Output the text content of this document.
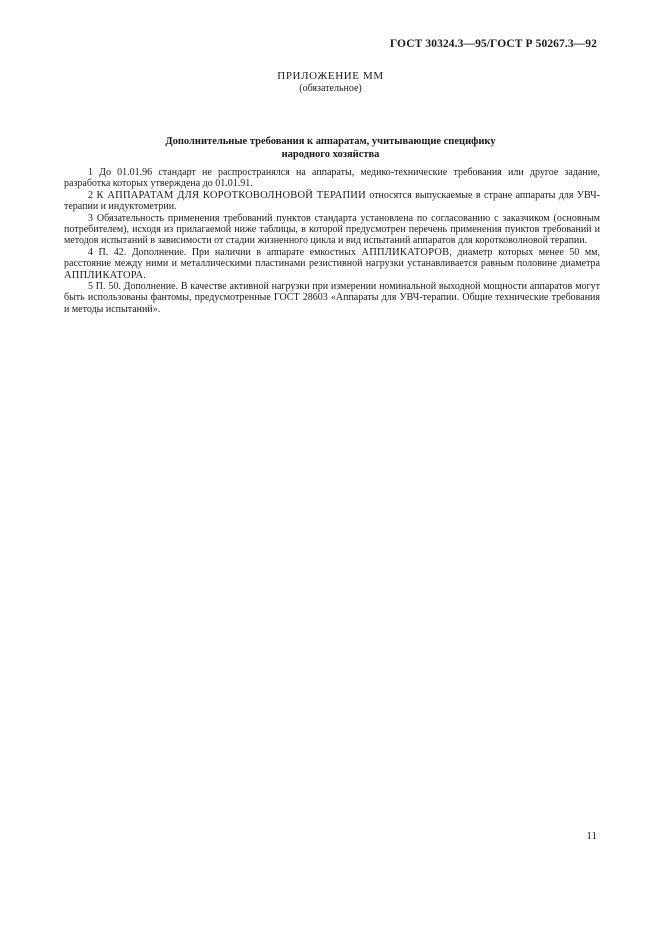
ГОСТ 30324.3—95/ГОСТ Р 50267.3—92
ПРИЛОЖЕНИЕ ММ
(обязательное)
Дополнительные требования к аппаратам, учитывающие специфику
народного хозяйства

1 До 01.01.96 стандарт не распространялся на аппараты, медико-технические требования или другое задание, разработка которых утверждена до 01.01.91.

2 К АППАРАТАМ ДЛЯ КОРОТКОВОЛНОВОЙ ТЕРАПИИ относятся выпускаемые в стране аппараты для УВЧ-терапии и индуктометрии.

3 Обязательность применения требований пунктов стандарта установлена по согласованию с заказчиком (основным потребителем), исходя из прилагаемой ниже таблицы, в которой предусмотрен перечень применения пунктов требований и методов испытаний в зависимости от стадии жизненного цикла и вид испытаний аппаратов для коротковолновой терапии.

4 П. 42. Дополнение. При наличии в аппарате емкостных АППЛИКАТОРОВ, диаметр которых менее 50 мм, расстояние между ними и металлическими пластинами резистивной нагрузки устанавливается равным половине диаметра АППЛИКАТОРА.

5 П. 50. Дополнение. В качестве активной нагрузки при измерении номинальной выходной мощности аппаратов могут быть использованы фантомы, предусмотренные ГОСТ 28603 «Аппараты для УВЧ-терапии. Общие технические требования и методы испытаний».

11
